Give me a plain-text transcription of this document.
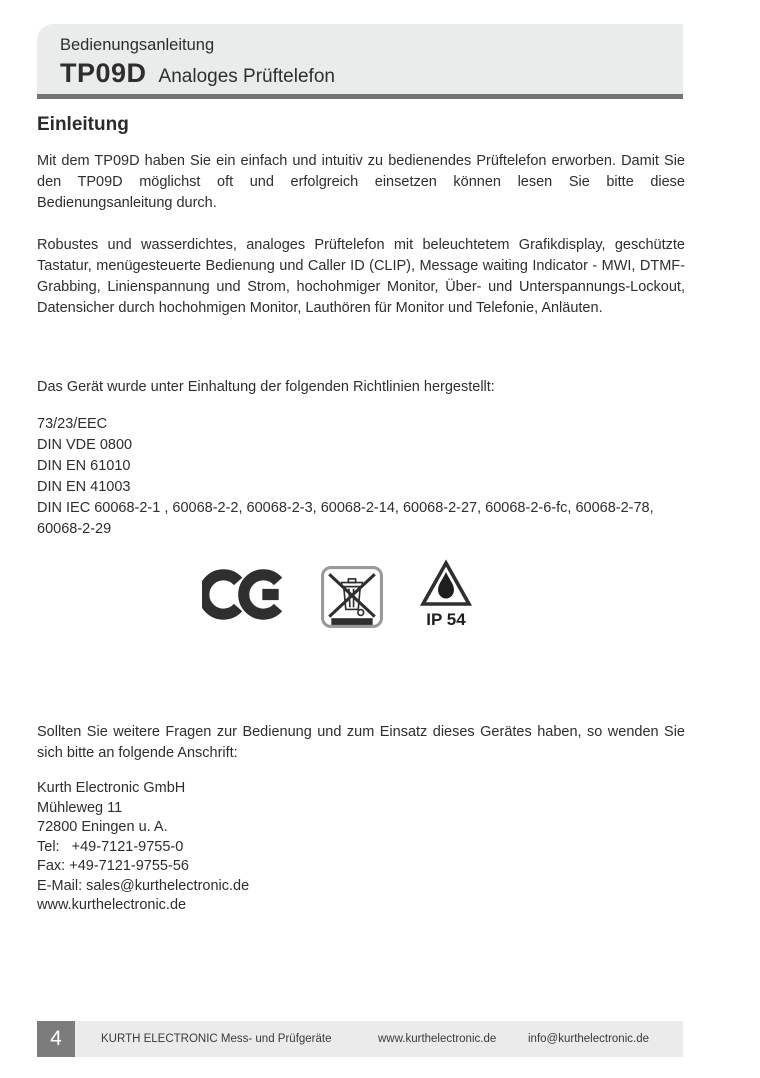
Bedienungsanleitung
TP09D Analoges Prüftelefon
Einleitung
Mit dem TP09D haben Sie ein einfach und intuitiv zu bedienendes Prüftelefon erworben. Damit Sie den TP09D möglichst oft und erfolgreich einsetzen können lesen Sie bitte diese Bedienungsanleitung durch.
Robustes und wasserdichtes, analoges Prüftelefon mit beleuchtetem Grafikdisplay, geschützte Tastatur, menügesteuerte Bedienung und Caller ID (CLIP), Message waiting Indicator - MWI, DTMF-Grabbing, Linienspannung und Strom, hochohmiger Monitor, Über- und Unterspannungs-Lockout, Datensicher durch hochohmigen Monitor, Lauthören für Monitor und Telefonie, Anläuten.
Das Gerät wurde unter Einhaltung der folgenden Richtlinien hergestellt:
73/23/EEC
DIN VDE 0800
DIN EN 61010
DIN EN 41003
DIN IEC 60068-2-1 , 60068-2-2, 60068-2-3, 60068-2-14, 60068-2-27, 60068-2-6-fc, 60068-2-78, 60068-2-29
IP 54
Sollten Sie weitere Fragen zur Bedienung und zum Einsatz dieses Gerätes haben, so wenden Sie sich bitte an folgende Anschrift:
Kurth Electronic GmbH
Mühleweg 11
72800 Eningen u. A.
Tel:   +49-7121-9755-0
Fax: +49-7121-9755-56
E-Mail: sales@kurthelectronic.de
www.kurthelectronic.de
4	KURTH ELECTRONIC Mess- und Prüfgeräte	www.kurthelectronic.de	info@kurthelectronic.de
